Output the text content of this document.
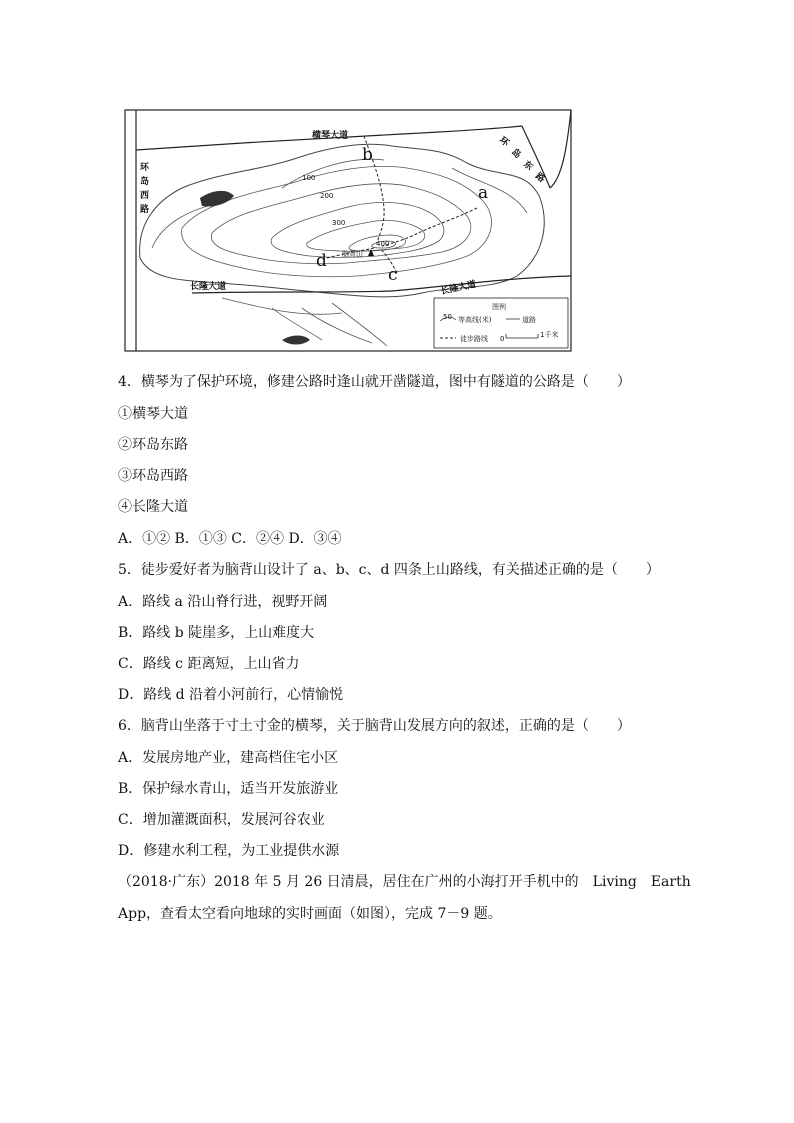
横琴大道
环
岛
西
路
环
岛
东
路
长隆大道	长隆大道
100
200
300
400
脑背山
a
b
c
d
图例
50 等高线(米)	道路
徒步路线 0	1千米
4．横琴为了保护环境，修建公路时逢山就开凿隧道，图中有隧道的公路是（　　）
①横琴大道
②环岛东路
③环岛西路
④长隆大道
A．①② B．①③ C．②④ D．③④
5．徒步爱好者为脑背山设计了 a、b、c、d 四条上山路线，有关描述正确的是（　　）
A．路线 a 沿山脊行进，视野开阔
B．路线 b 陡崖多，上山难度大
C．路线 c 距离短，上山省力
D．路线 d 沿着小河前行，心情愉悦
6．脑背山坐落于寸土寸金的横琴，关于脑背山发展方向的叙述，正确的是（　　）
A．发展房地产业，建高档住宅小区
B．保护绿水青山，适当开发旅游业
C．增加灌溉面积，发展河谷农业
D．修建水利工程，为工业提供水源
（2018·广东）2018 年 5 月 26 日清晨，居住在广州的小海打开手机中的　Living　Earth
App，查看太空看向地球的实时画面（如图），完成 7－9 题。
